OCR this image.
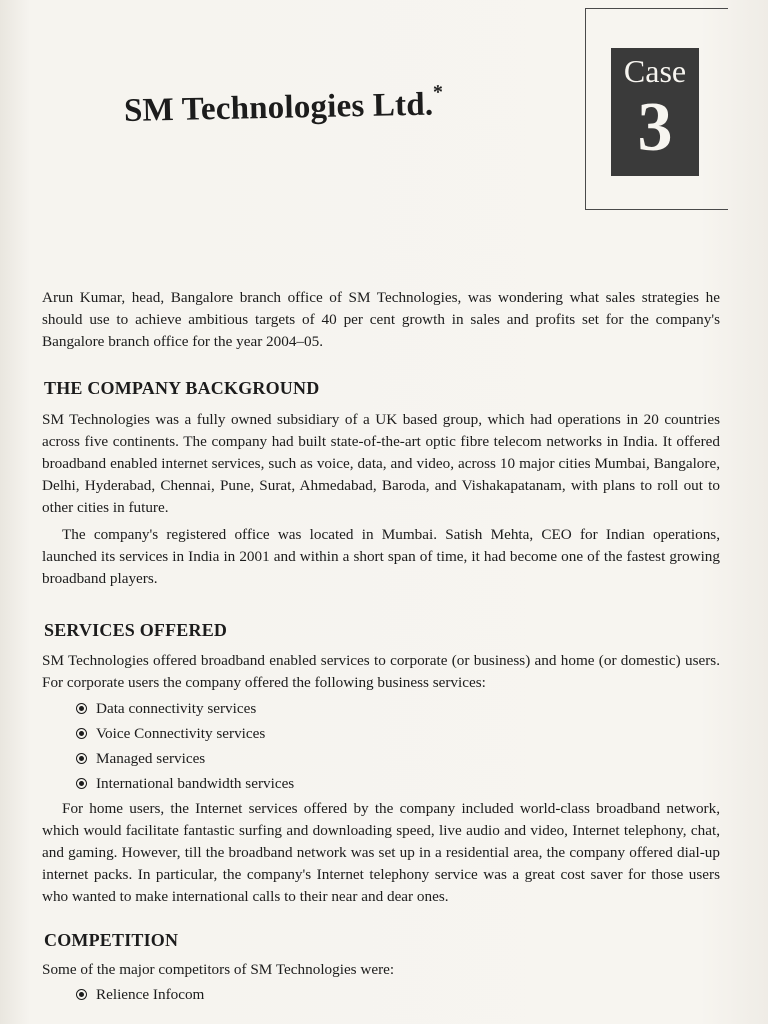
Case
3
SM Technologies Ltd.*
Arun Kumar, head, Bangalore branch office of SM Technologies, was wondering what sales strategies he should use to achieve ambitious targets of 40 per cent growth in sales and profits set for the company's Bangalore branch office for the year 2004–05.
THE COMPANY BACKGROUND
SM Technologies was a fully owned subsidiary of a UK based group, which had operations in 20 countries across five continents. The company had built state-of-the-art optic fibre telecom networks in India. It offered broadband enabled internet services, such as voice, data, and video, across 10 major cities Mumbai, Bangalore, Delhi, Hyderabad, Chennai, Pune, Surat, Ahmedabad, Baroda, and Vishakapatanam, with plans to roll out to other cities in future.
The company's registered office was located in Mumbai. Satish Mehta, CEO for Indian operations, launched its services in India in 2001 and within a short span of time, it had become one of the fastest growing broadband players.
SERVICES OFFERED
SM Technologies offered broadband enabled services to corporate (or business) and home (or domestic) users. For corporate users the company offered the following business services:
Data connectivity services
Voice Connectivity services
Managed services
International bandwidth services
For home users, the Internet services offered by the company included world-class broadband network, which would facilitate fantastic surfing and downloading speed, live audio and video, Internet telephony, chat, and gaming. However, till the broadband network was set up in a residential area, the company offered dial-up internet packs. In particular, the company's Internet telephony service was a great cost saver for those users who wanted to make international calls to their near and dear ones.
COMPETITION
Some of the major competitors of SM Technologies were:
Relience Infocom
